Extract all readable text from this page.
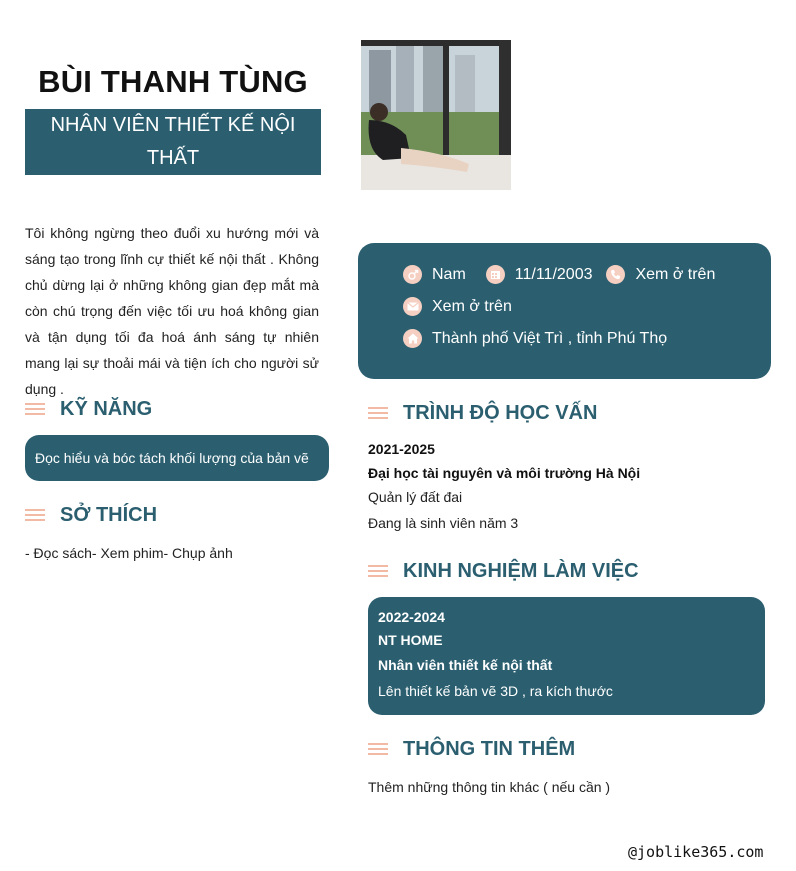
BÙI THANH TÙNG
NHÂN VIÊN THIẾT KẾ NỘI THẤT
Tôi không ngừng theo đuổi xu hướng mới và sáng tạo trong lĩnh cự thiết kế nội thất . Không chủ dừng lại ở những không gian đẹp mắt mà còn chú trọng đến việc tối ưu hoá không gian và tận dụng tối đa hoá ánh sáng tự nhiên mang lại sự thoải mái và tiện ích cho người sử dụng .
KỸ NĂNG
Đọc hiểu và bóc tách khối lượng của bản vẽ
SỞ THÍCH
- Đọc sách- Xem phim- Chụp ảnh
Nam	11/11/2003	Xem ở trên
Xem ở trên
Thành phố Việt Trì , tỉnh Phú Thọ
TRÌNH ĐỘ HỌC VẤN
2021-2025
Đại học tài nguyên và môi trường Hà Nội
Quản lý đất đai
Đang là sinh viên năm 3
KINH NGHIỆM LÀM VIỆC
2022-2024
NT HOME
Nhân viên thiết kế nội thất
Lên thiết kế bản vẽ 3D , ra kích thước
THÔNG TIN THÊM
Thêm những thông tin khác ( nếu cần )
@joblike365.com
